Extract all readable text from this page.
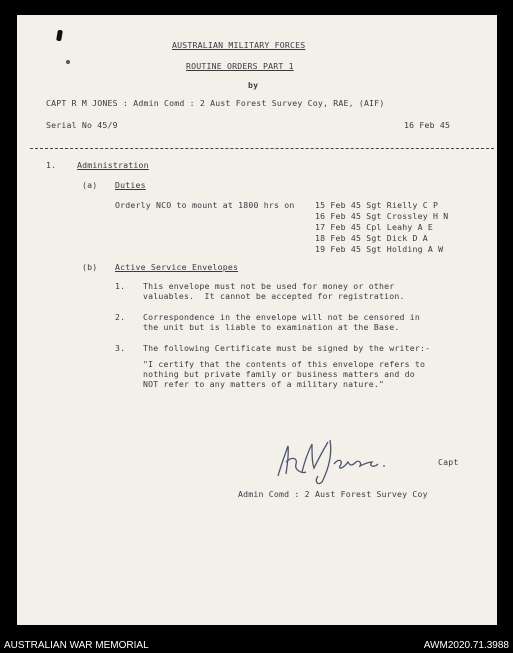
AUSTRALIAN MILITARY FORCES
ROUTINE ORDERS PART 1
by
CAPT R M JONES : Admin Comd : 2 Aust Forest Survey Coy, RAE, (AIF)
Serial No 45/9	16 Feb 45
1.	Administration
(a) Duties
Orderly NCO to mount at 1800 hrs on 15 Feb 45 Sgt Rielly C P
16 Feb 45 Sgt Crossley H N
17 Feb 45 Cpl Leahy A E
18 Feb 45 Sgt Dick D A
19 Feb 45 Sgt Holding A W
(b) Active Service Envelopes
1. This envelope must not be used for money or other
valuables.  It cannot be accepted for registration.
2. Correspondence in the envelope will not be censored in
the unit but is liable to examination at the Base.
3. The following Certificate must be signed by the writer:-
"I certify that the contents of this envelope refers to
nothing but private family or business matters and do
NOT refer to any matters of a military nature."
Capt
Admin Comd : 2 Aust Forest Survey Coy
AUSTRALIAN WAR MEMORIAL	AWM2020.71.3988
